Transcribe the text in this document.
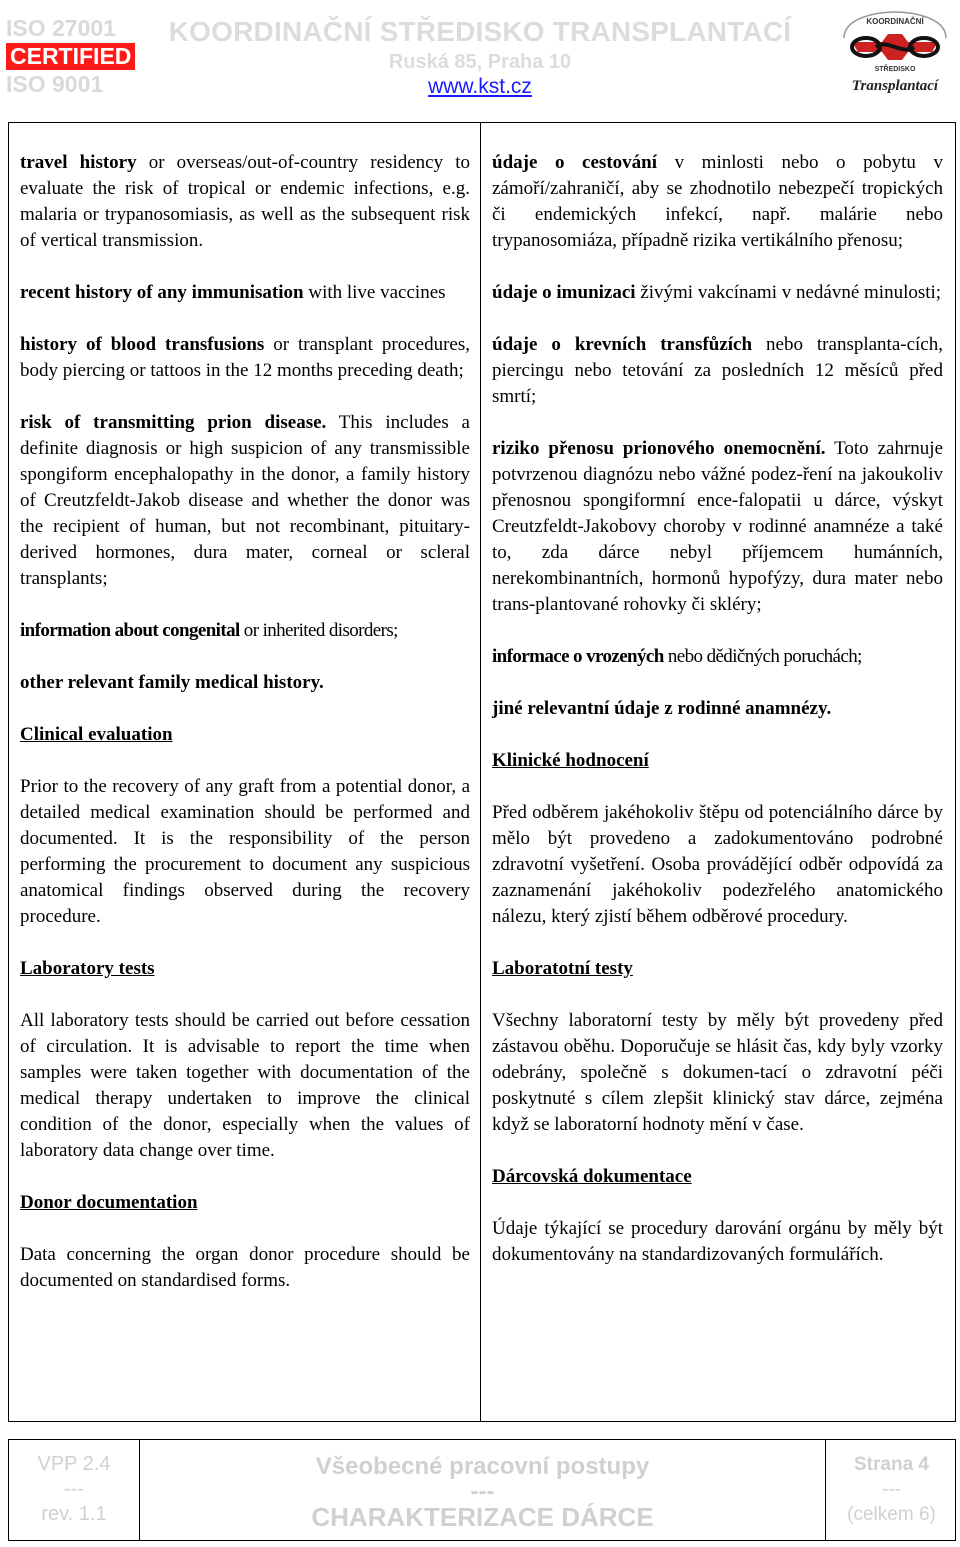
ISO 27001
CERTIFIED
ISO 9001
KOORDINAČNÍ STŘEDISKO TRANSPLANTACÍ
Ruská 85, Praha 10
www.kst.cz
KOORDINAČNÍ
STŘEDISKO
Transplantací
travel history or overseas/out-of-country residency to evaluate the risk of tropical or endemic infections, e.g. malaria or trypanosomiasis, as well as the subsequent risk of vertical transmission.
recent history of any immunisation with live vaccines
history of blood transfusions or transplant procedures, body piercing or tattoos in the 12 months preceding death;
risk of transmitting prion disease. This includes a definite diagnosis or high suspicion of any transmissible spongiform encephalopathy in the donor, a family history of Creutzfeldt-Jakob disease and whether the donor was the recipient of human, but not recombinant, pituitary-derived hormones, dura mater, corneal or scleral transplants;
information about congenital or inherited disorders;
other relevant family medical history.
Clinical evaluation
Prior to the recovery of any graft from a potential donor, a detailed medical examination should be performed and documented. It is the responsibility of the person performing the procurement to document any suspicious anatomical findings observed during the recovery procedure.
Laboratory tests
All laboratory tests should be carried out before cessation of circulation. It is advisable to report the time when samples were taken together with documentation of the medical therapy undertaken to improve the clinical condition of the donor, especially when the values of laboratory data change over time.
Donor documentation
Data concerning the organ donor procedure should be documented on standardised forms.
údaje o cestování v minlosti nebo o pobytu v zámoří/zahraničí, aby se zhodnotilo nebezpečí tropických či endemických infekcí, např. malárie nebo trypanosomiáza, případně rizika vertikálního přenosu;
údaje o imunizaci živými vakcínami v nedávné minulosti;
údaje o krevních transfůzích nebo transplanta-cích, piercingu nebo tetování za posledních 12 měsíců před smrtí;
riziko přenosu prionového onemocnění. Toto zahrnuje potvrzenou diagnózu nebo vážné podez-ření na jakoukoliv přenosnou spongiformní ence-falopatii u dárce, výskyt Creutzfeldt-Jakobovy choroby v rodinné anamnéze a také to, zda dárce nebyl příjemcem humánních, nerekombinantních, hormonů hypofýzy, dura mater nebo trans-plantované rohovky či skléry;
informace o vrozených nebo dědičných poruchách;
jiné relevantní údaje z rodinné anamnézy.
Klinické hodnocení
Před odběrem jakéhokoliv štěpu od potenciálního dárce by mělo být provedeno a zadokumentováno podrobné zdravotní vyšetření. Osoba provádějící odběr odpovídá za zaznamenání jakéhokoliv podezřelého anatomického nálezu, který zjistí během odběrové procedury.
Laboratotní testy
Všechny laboratorní testy by měly být provedeny před zástavou oběhu. Doporučuje se hlásit čas, kdy byly vzorky odebrány, společně s dokumen-tací o zdravotní péči poskytnuté s cílem zlepšit klinický stav dárce, zejména když se laboratorní hodnoty mění v čase.
Dárcovská dokumentace
Údaje týkající se procedury darování orgánu by měly být dokumentovány na standardizovaných formulářích.
VPP 2.4
---
rev. 1.1
Všeobecné pracovní postupy
---
CHARAKTERIZACE DÁRCE
Strana 4
---
(celkem 6)
